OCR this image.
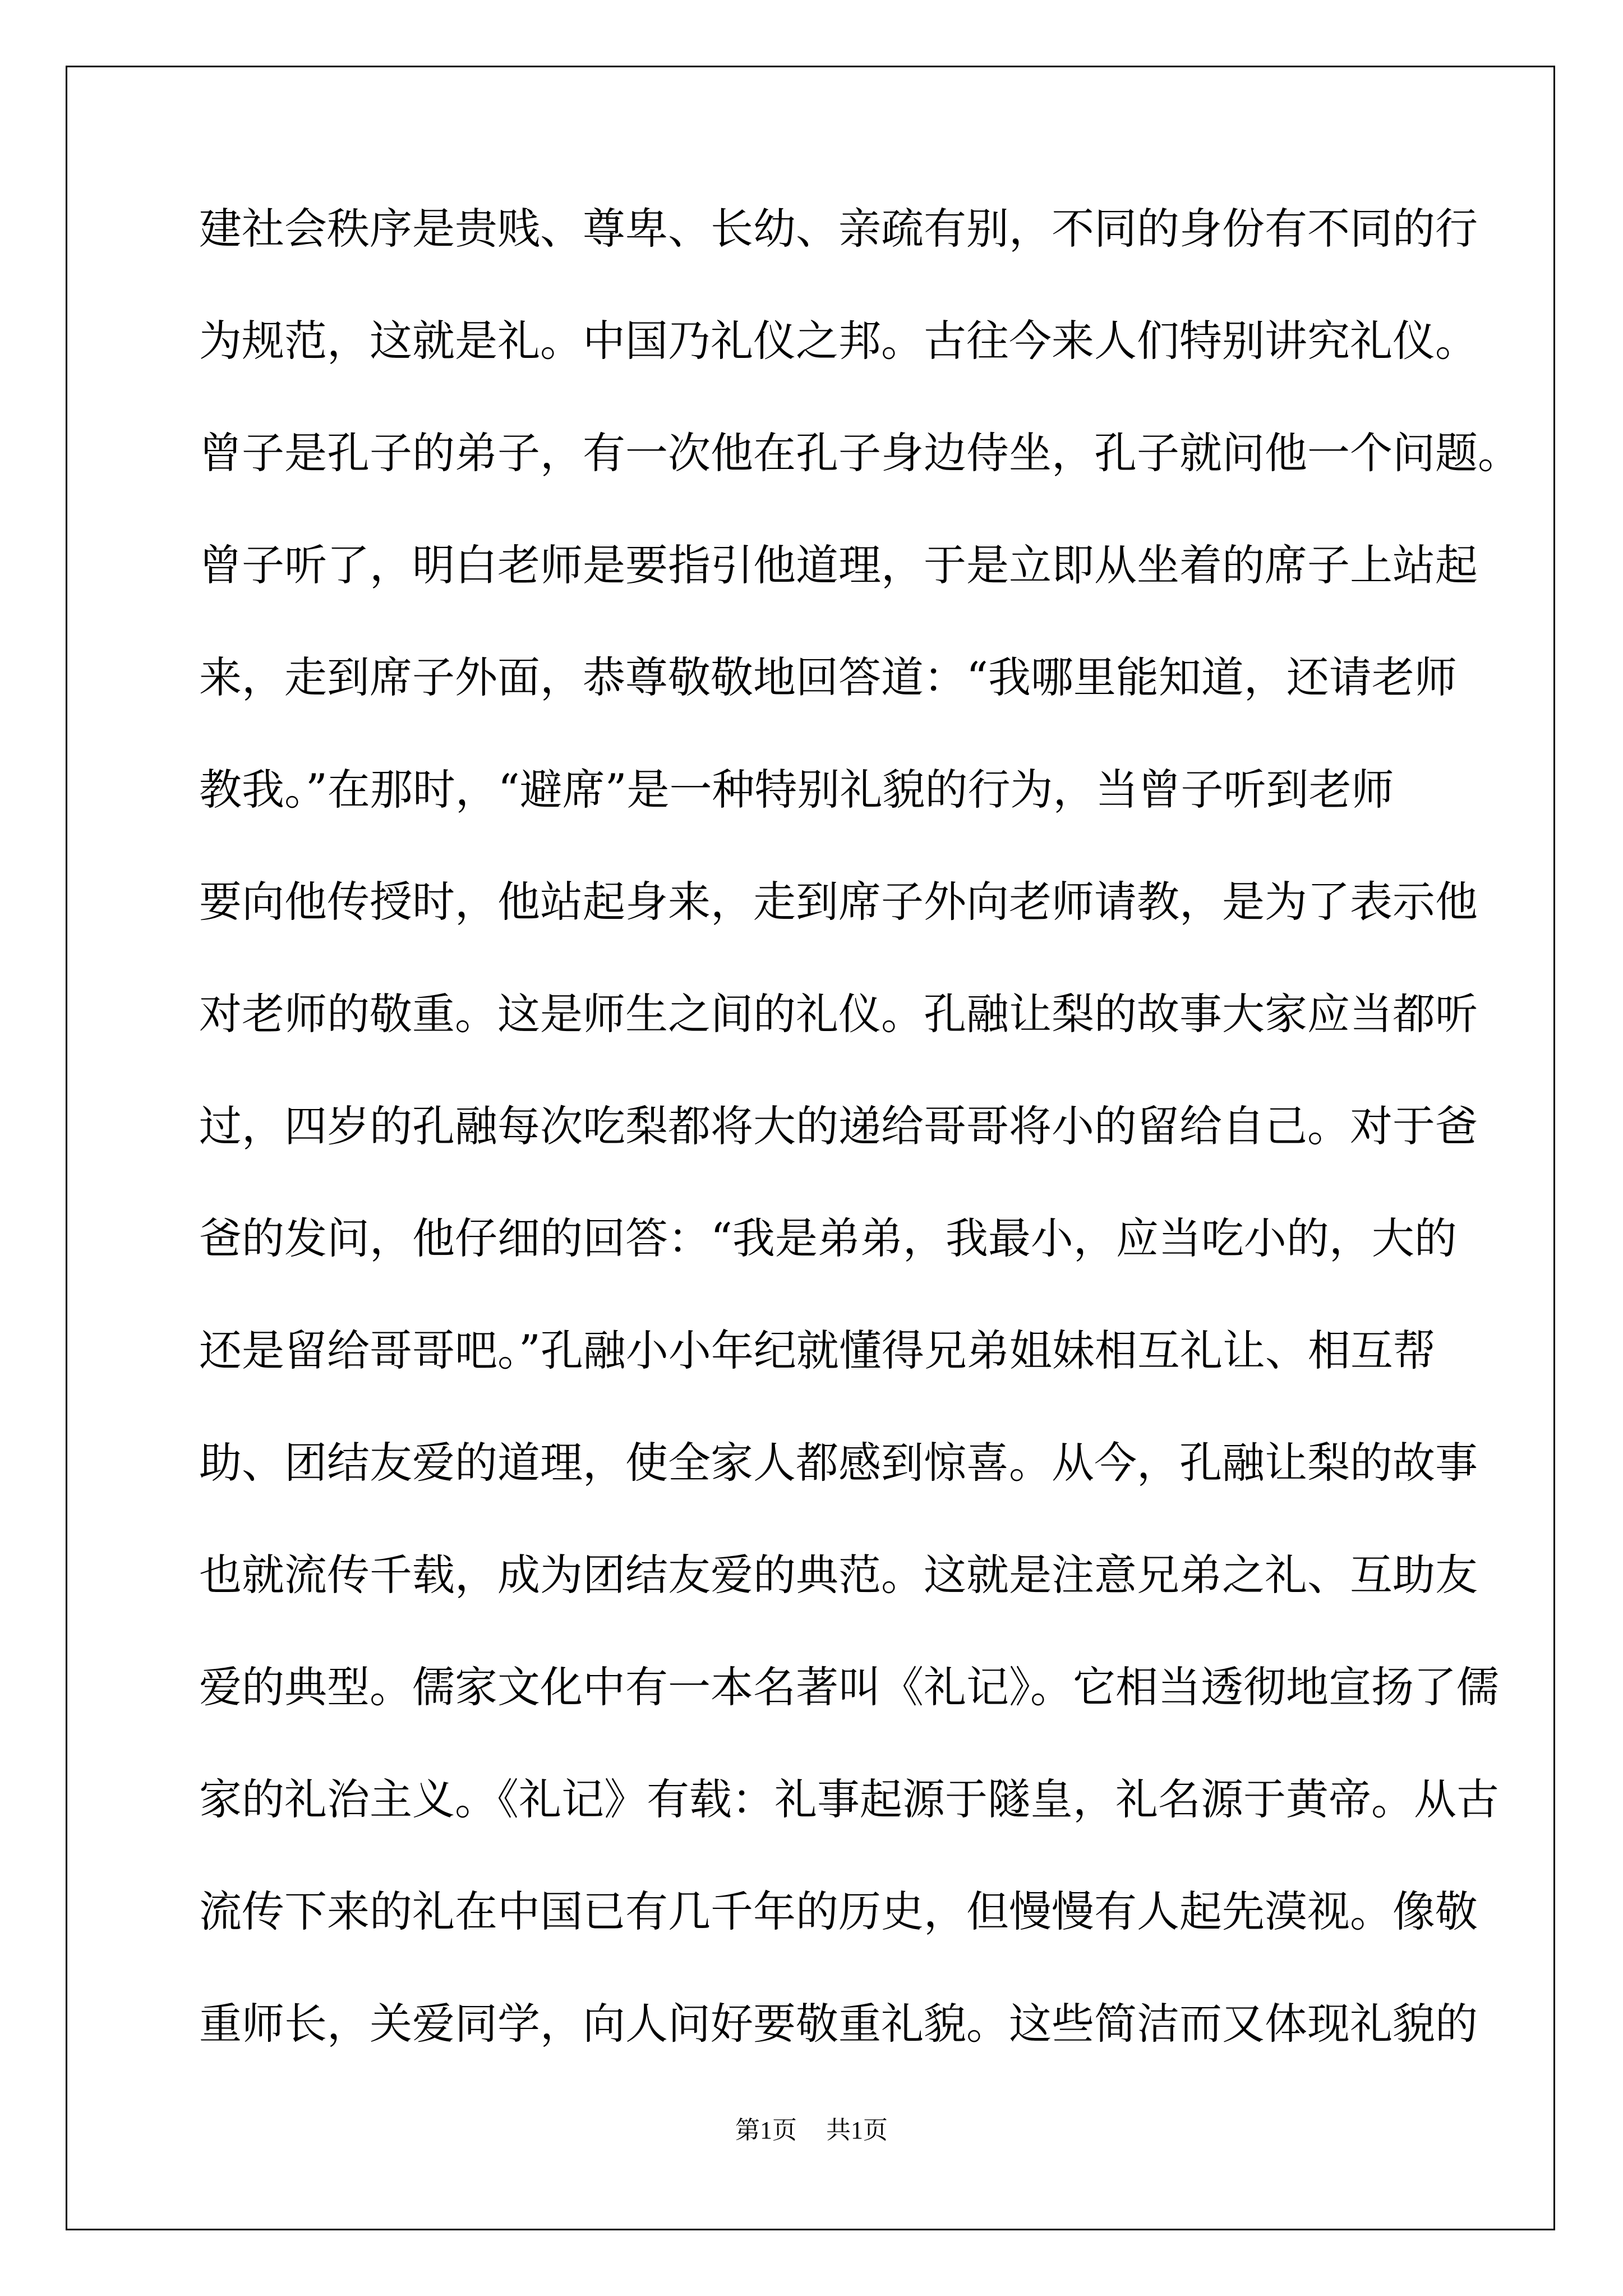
建社会秩序是贵贱、尊卑、长幼、亲疏有别，不同的身份有不同的行
为规范，这就是礼。中国乃礼仪之邦。古往今来人们特别讲究礼仪。
曾子是孔子的弟子，有一次他在孔子身边侍坐，孔子就问他一个问题。
曾子听了，明白老师是要指引他道理，于是立即从坐着的席子上站起
来，走到席子外面，恭尊敬敬地回答道：“我哪里能知道，还请老师
教我。”在那时，“避席”是一种特别礼貌的行为，当曾子听到老师
要向他传授时，他站起身来，走到席子外向老师请教，是为了表示他
对老师的敬重。这是师生之间的礼仪。孔融让梨的故事大家应当都听
过，四岁的孔融每次吃梨都将大的递给哥哥将小的留给自己。对于爸
爸的发问，他仔细的回答：“我是弟弟，我最小，应当吃小的，大的
还是留给哥哥吧。”孔融小小年纪就懂得兄弟姐妹相互礼让、相互帮
助、团结友爱的道理，使全家人都感到惊喜。从今，孔融让梨的故事
也就流传千载，成为团结友爱的典范。这就是注意兄弟之礼、互助友
爱的典型。儒家文化中有一本名著叫《礼记》。它相当透彻地宣扬了儒
家的礼治主义。《礼记》有载：礼事起源于隧皇，礼名源于黄帝。从古
流传下来的礼在中国已有几千年的历史，但慢慢有人起先漠视。像敬
重师长，关爱同学，向人问好要敬重礼貌。这些简洁而又体现礼貌的
第1页 共1页
